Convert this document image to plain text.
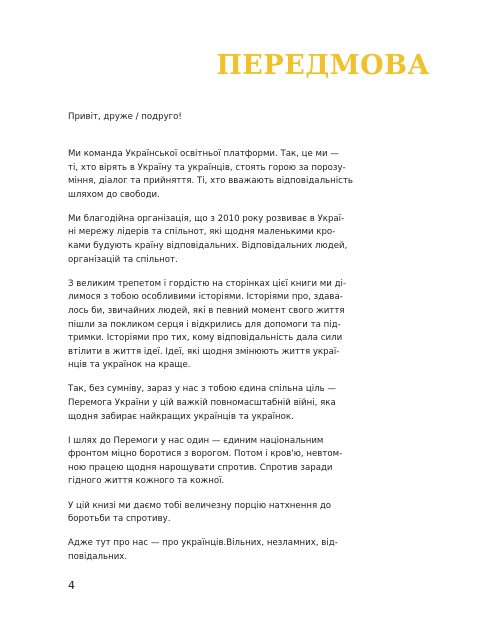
ПЕРЕДМОВА

Привіт, друже / подруго!

Ми команда Української освітньої платформи. Так, це ми —
ті, хто вірять в Україну та українців, стоять горою за порозу-
міння, діалог та прийняття. Ті, хто вважають відповідальність
шляхом до свободи.

Ми благодійна організація, що з 2010 року розвиває в Украї-
ні мережу лідерів та спільнот, які щодня маленькими кро-
ками будують країну відповідальних. Відповідальних людей,
організацій та спільнот.

З великим трепетом і гордістю на сторінках цієї книги ми ді-
лимося з тобою особливими історіями. Історіями про, здава-
лось би, звичайних людей, які в певний момент свого життя
пішли за покликом серця і відкрились для допомоги та під-
тримки. Історіями про тих, кому відповідальність дала сили
втілити в життя ідеї. Ідеї, які щодня змінюють життя украї-
нців та українок на краще.

Так, без сумніву, зараз у нас з тобою єдина спільна ціль —
Перемога України у цій важкій повномасштабній війні, яка
щодня забирає найкращих українців та українок.

І шлях до Перемоги у нас один — єдиним національним
фронтом міцно боротися з ворогом. Потом і кров'ю, невтом-
ною працею щодня нарощувати спротив. Спротив заради
гідного життя кожного та кожної.

У цій книзі ми даємо тобі величезну порцію натхнення до
боротьби та спротиву.

Адже тут про нас — про українців.Вільних, незламних, від-
повідальних.

4
